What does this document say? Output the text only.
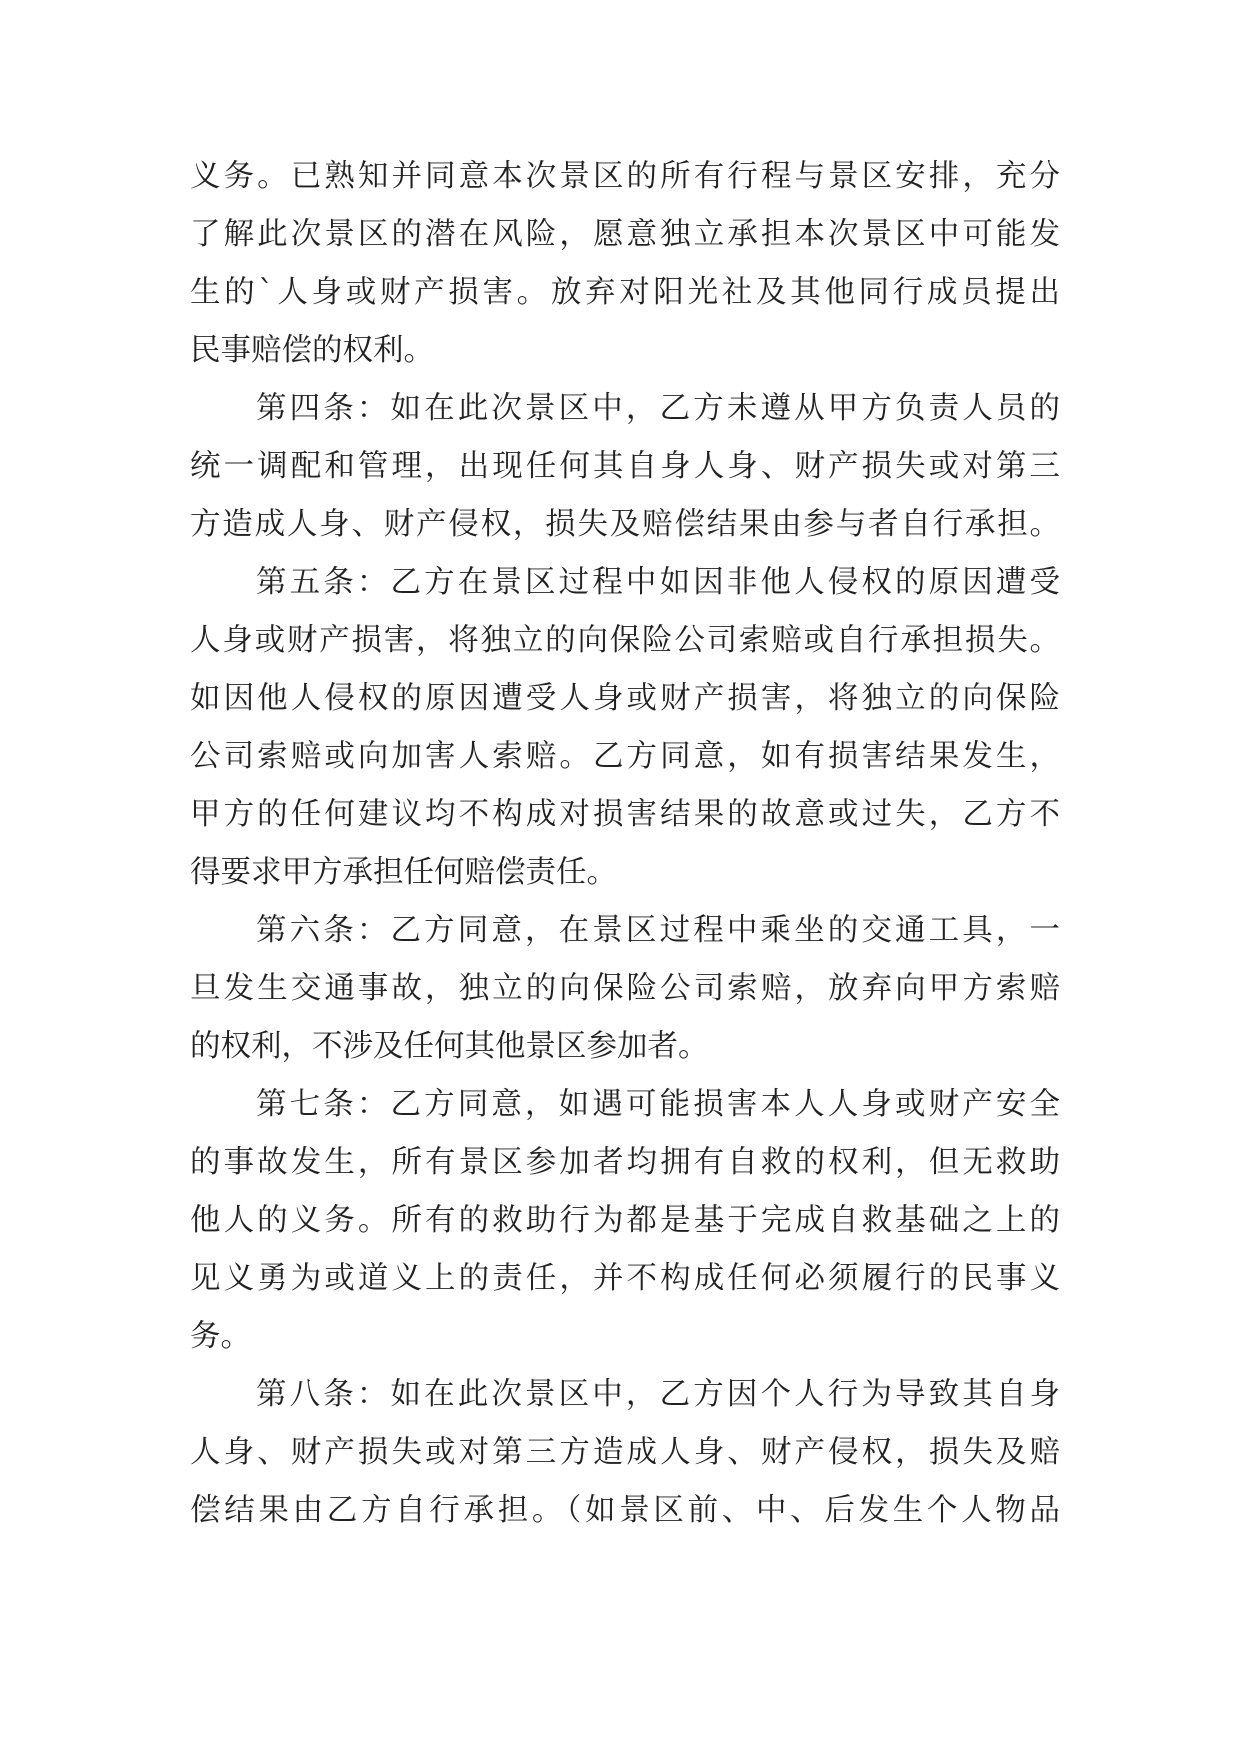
义务。已熟知并同意本次景区的所有行程与景区安排，充分
了解此次景区的潜在风险，愿意独立承担本次景区中可能发
生的`人身或财产损害。放弃对阳光社及其他同行成员提出
民事赔偿的权利。
第四条：如在此次景区中，乙方未遵从甲方负责人员的
统一调配和管理，出现任何其自身人身、财产损失或对第三
方造成人身、财产侵权，损失及赔偿结果由参与者自行承担。
第五条：乙方在景区过程中如因非他人侵权的原因遭受
人身或财产损害，将独立的向保险公司索赔或自行承担损失。
如因他人侵权的原因遭受人身或财产损害，将独立的向保险
公司索赔或向加害人索赔。乙方同意，如有损害结果发生，
甲方的任何建议均不构成对损害结果的故意或过失，乙方不
得要求甲方承担任何赔偿责任。
第六条：乙方同意，在景区过程中乘坐的交通工具，一
旦发生交通事故，独立的向保险公司索赔，放弃向甲方索赔
的权利，不涉及任何其他景区参加者。
第七条：乙方同意，如遇可能损害本人人身或财产安全
的事故发生，所有景区参加者均拥有自救的权利，但无救助
他人的义务。所有的救助行为都是基于完成自救基础之上的
见义勇为或道义上的责任，并不构成任何必须履行的民事义
务。
第八条：如在此次景区中，乙方因个人行为导致其自身
人身、财产损失或对第三方造成人身、财产侵权，损失及赔
偿结果由乙方自行承担。（如景区前、中、后发生个人物品
